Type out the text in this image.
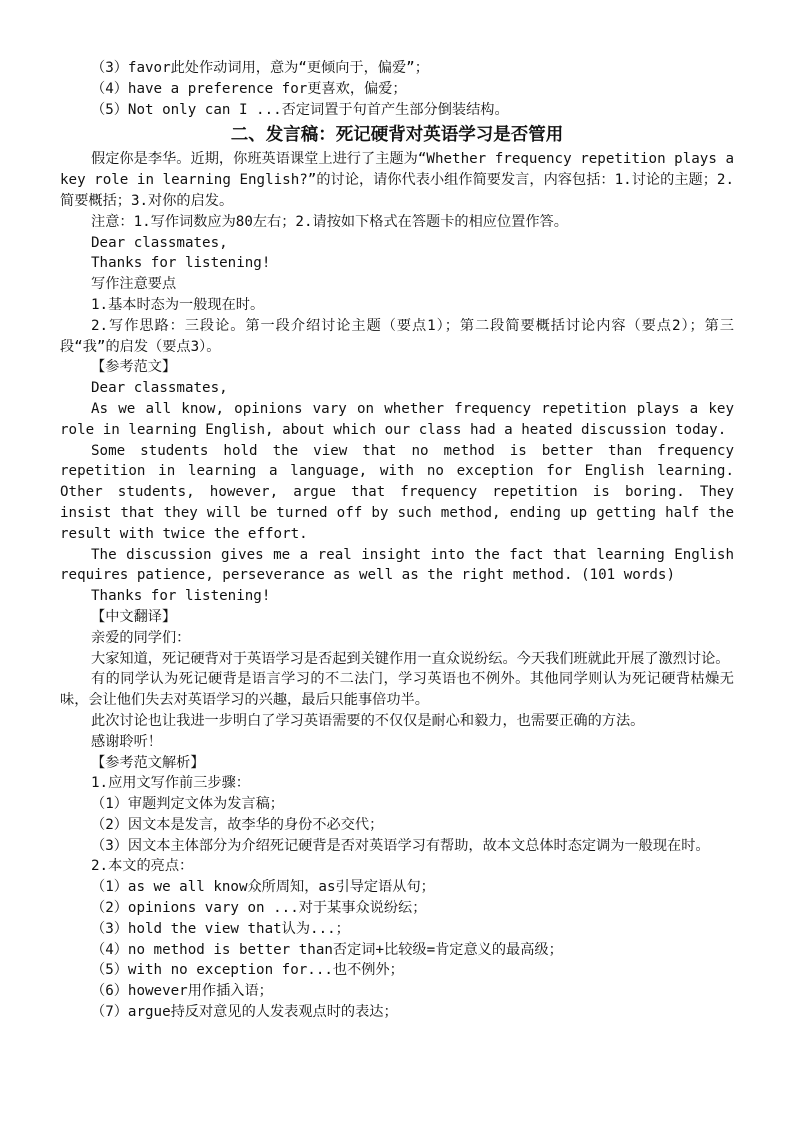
（3）favor此处作动词用，意为“更倾向于，偏爱”；
（4）have a preference for更喜欢，偏爱；
（5）Not only can I ...否定词置于句首产生部分倒装结构。
二、发言稿：死记硬背对英语学习是否管用
假定你是李华。近期，你班英语课堂上进行了主题为“Whether frequency repetition plays a key role in learning English?”的讨论，请你代表小组作简要发言，内容包括：1.讨论的主题；2.简要概括；3.对你的启发。
注意：1.写作词数应为80左右；2.请按如下格式在答题卡的相应位置作答。
Dear classmates,
Thanks for listening!
写作注意要点
1.基本时态为一般现在时。
2.写作思路：三段论。第一段介绍讨论主题（要点1）；第二段简要概括讨论内容（要点2）；第三段“我”的启发（要点3）。
【参考范文】
Dear classmates,
As we all know, opinions vary on whether frequency repetition plays a key role in learning English, about which our class had a heated discussion today.
Some students hold the view that no method is better than frequency repetition in learning a language, with no exception for English learning. Other students, however, argue that frequency repetition is boring. They insist that they will be turned off by such method, ending up getting half the result with twice the effort.
The discussion gives me a real insight into the fact that learning English requires patience, perseverance as well as the right method. (101 words)
Thanks for listening!
【中文翻译】
亲爱的同学们：
大家知道，死记硬背对于英语学习是否起到关键作用一直众说纷纭。今天我们班就此开展了激烈讨论。
有的同学认为死记硬背是语言学习的不二法门，学习英语也不例外。其他同学则认为死记硬背枯燥无味，会让他们失去对英语学习的兴趣，最后只能事倍功半。
此次讨论也让我进一步明白了学习英语需要的不仅仅是耐心和毅力，也需要正确的方法。
感谢聆听！
【参考范文解析】
1.应用文写作前三步骤：
（1）审题判定文体为发言稿；
（2）因文本是发言，故李华的身份不必交代；
（3）因文本主体部分为介绍死记硬背是否对英语学习有帮助，故本文总体时态定调为一般现在时。
2.本文的亮点：
（1）as we all know众所周知，as引导定语从句；
（2）opinions vary on ...对于某事众说纷纭；
（3）hold the view that认为...；
（4）no method is better than否定词+比较级=肯定意义的最高级；
（5）with no exception for...也不例外；
（6）however用作插入语；
（7）argue持反对意见的人发表观点时的表达；
